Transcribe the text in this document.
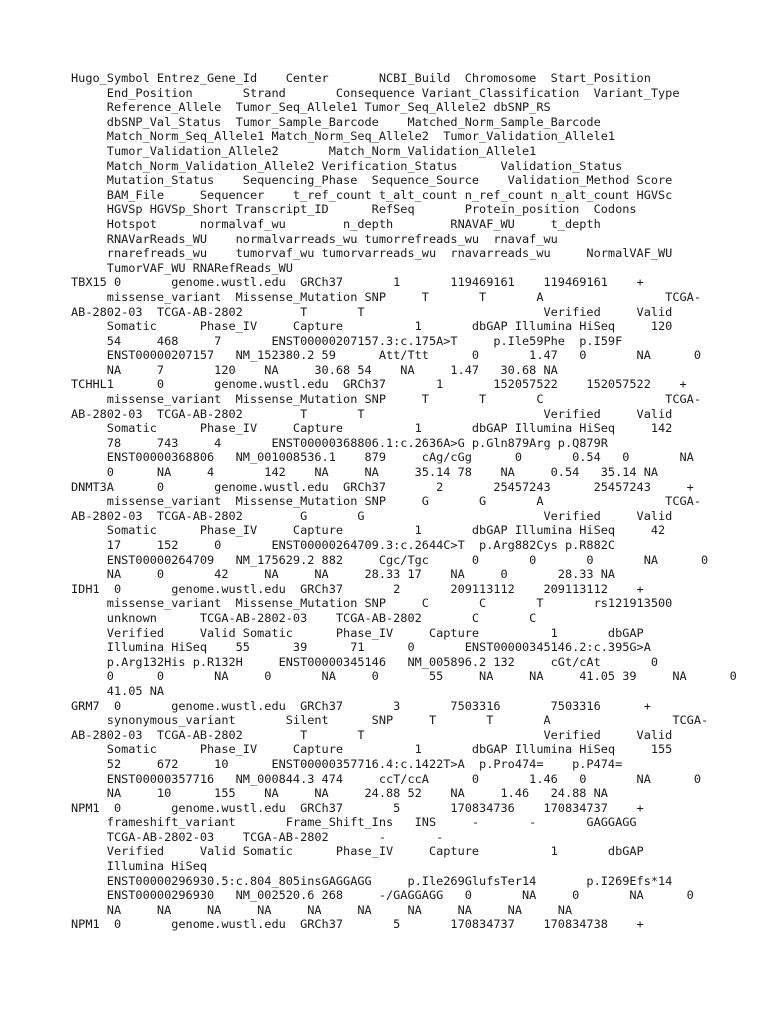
Hugo_Symbol Entrez_Gene_Id    Center       NCBI_Build  Chromosome  Start_Position
End_Position       Strand       Consequence Variant_Classification  Variant_Type
Reference_Allele  Tumor_Seq_Allele1 Tumor_Seq_Allele2 dbSNP_RS
dbSNP_Val_Status  Tumor_Sample_Barcode    Matched_Norm_Sample_Barcode
Match_Norm_Seq_Allele1 Match_Norm_Seq_Allele2  Tumor_Validation_Allele1
Tumor_Validation_Allele2       Match_Norm_Validation_Allele1
Match_Norm_Validation_Allele2 Verification_Status      Validation_Status
Mutation_Status    Sequencing_Phase  Sequence_Source    Validation_Method Score
BAM_File     Sequencer    t_ref_count t_alt_count n_ref_count n_alt_count HGVSc
HGVSp HGVSp_Short Transcript_ID      RefSeq       Protein_position  Codons
Hotspot      normalvaf_wu        n_depth        RNAVAF_WU     t_depth
RNAVarReads_WU    normalvarreads_wu tumorrefreads_wu  rnavaf_wu
rnarefreads_wu    tumorvaf_wu tumorvarreads_wu  rnavarreads_wu     NormalVAF_WU
TumorVAF_WU RNARefReads_WU
TBX15 0       genome.wustl.edu  GRCh37       1       119469161    119469161    +
missense_variant  Missense_Mutation SNP     T       T       A                 TCGA-
AB-2802-03  TCGA-AB-2802        T       T                         Verified     Valid
Somatic      Phase_IV     Capture          1       dbGAP Illumina HiSeq     120
54     468     7       ENST00000207157.3:c.175A>T     p.Ile59Phe  p.I59F
ENST00000207157   NM_152380.2 59      Att/Ttt      0       1.47   0       NA      0
NA     7       120    NA     30.68 54    NA     1.47   30.68 NA
TCHHL1      0       genome.wustl.edu  GRCh37       1       152057522    152057522    +
missense_variant  Missense_Mutation SNP     T       T       C                 TCGA-
AB-2802-03  TCGA-AB-2802        T       T                         Verified     Valid
Somatic      Phase_IV     Capture          1       dbGAP Illumina HiSeq     142
78     743     4       ENST00000368806.1:c.2636A>G p.Gln879Arg p.Q879R
ENST00000368806   NM_001008536.1    879     cAg/cGg      0       0.54   0       NA
0      NA     4       142    NA     NA     35.14 78    NA     0.54   35.14 NA
DNMT3A      0       genome.wustl.edu  GRCh37       2       25457243      25457243     +
missense_variant  Missense_Mutation SNP     G       G       A                 TCGA-
AB-2802-03  TCGA-AB-2802        G       G                         Verified     Valid
Somatic      Phase_IV     Capture          1       dbGAP Illumina HiSeq     42
17     152     0       ENST00000264709.3:c.2644C>T  p.Arg882Cys p.R882C
ENST00000264709   NM_175629.2 882     Cgc/Tgc      0       0       0       NA      0
NA     0       42     NA     NA     28.33 17    NA     0       28.33 NA
IDH1  0       genome.wustl.edu  GRCh37       2       209113112    209113112    +
missense_variant  Missense_Mutation SNP     C       C       T       rs121913500
unknown      TCGA-AB-2802-03    TCGA-AB-2802       C       C
Verified     Valid Somatic      Phase_IV     Capture          1       dbGAP
Illumina HiSeq    55      39      71      0       ENST00000345146.2:c.395G>A
p.Arg132His p.R132H     ENST00000345146   NM_005896.2 132     cGt/cAt       0
0      0       NA     0       NA     0       55     NA     NA     41.05 39     NA      0
41.05 NA
GRM7  0       genome.wustl.edu  GRCh37       3       7503316       7503316      +
synonymous_variant       Silent      SNP     T       T       A                 TCGA-
AB-2802-03  TCGA-AB-2802        T       T                         Verified     Valid
Somatic      Phase_IV     Capture          1       dbGAP Illumina HiSeq     155
52     672     10      ENST00000357716.4:c.1422T>A  p.Pro474=    p.P474=
ENST00000357716   NM_000844.3 474     ccT/ccA      0       1.46   0       NA      0
NA     10      155    NA     NA     24.88 52    NA     1.46   24.88 NA
NPM1  0       genome.wustl.edu  GRCh37       5       170834736    170834737    +
frameshift_variant       Frame_Shift_Ins   INS     -       -       GAGGAGG
TCGA-AB-2802-03    TCGA-AB-2802       -       -
Verified     Valid Somatic      Phase_IV     Capture          1       dbGAP
Illumina HiSeq
ENST00000296930.5:c.804_805insGAGGAGG     p.Ile269GlufsTer14       p.I269Efs*14
ENST00000296930   NM_002520.6 268     -/GAGGAGG   0       NA     0       NA      0
NA     NA     NA     NA     NA     NA     NA     NA     NA     NA
NPM1  0       genome.wustl.edu  GRCh37       5       170834737    170834738    +
